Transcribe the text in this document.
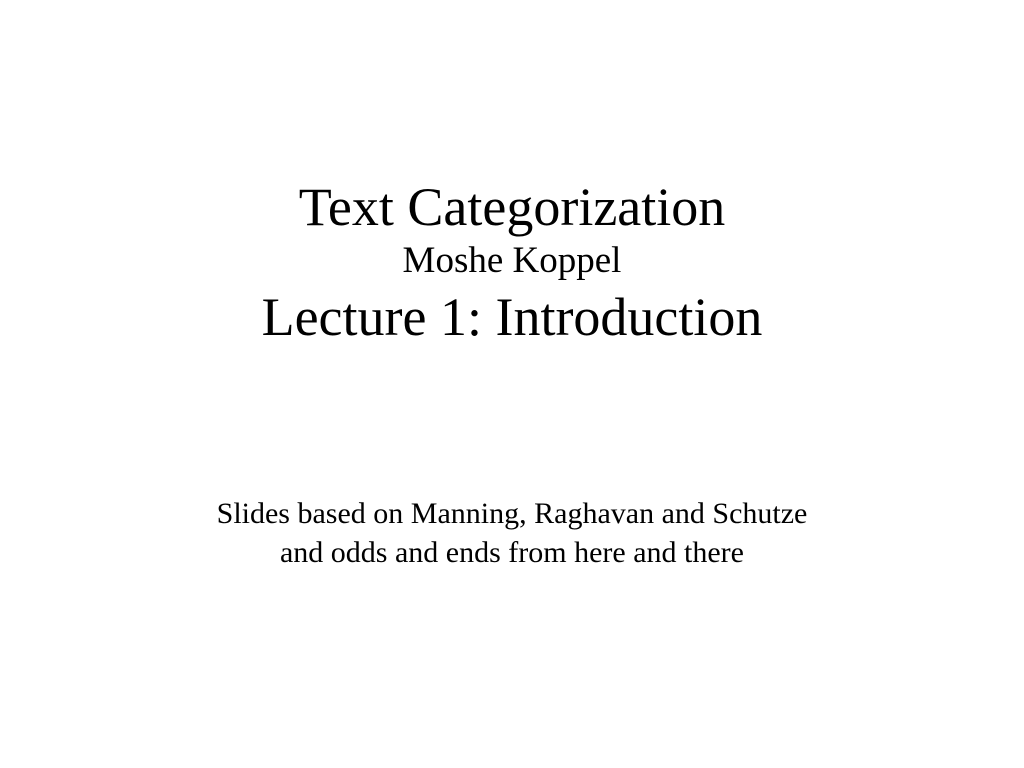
Text Categorization
Moshe Koppel
Lecture 1: Introduction
Slides based on Manning, Raghavan and Schutze
and odds and ends from here and there
